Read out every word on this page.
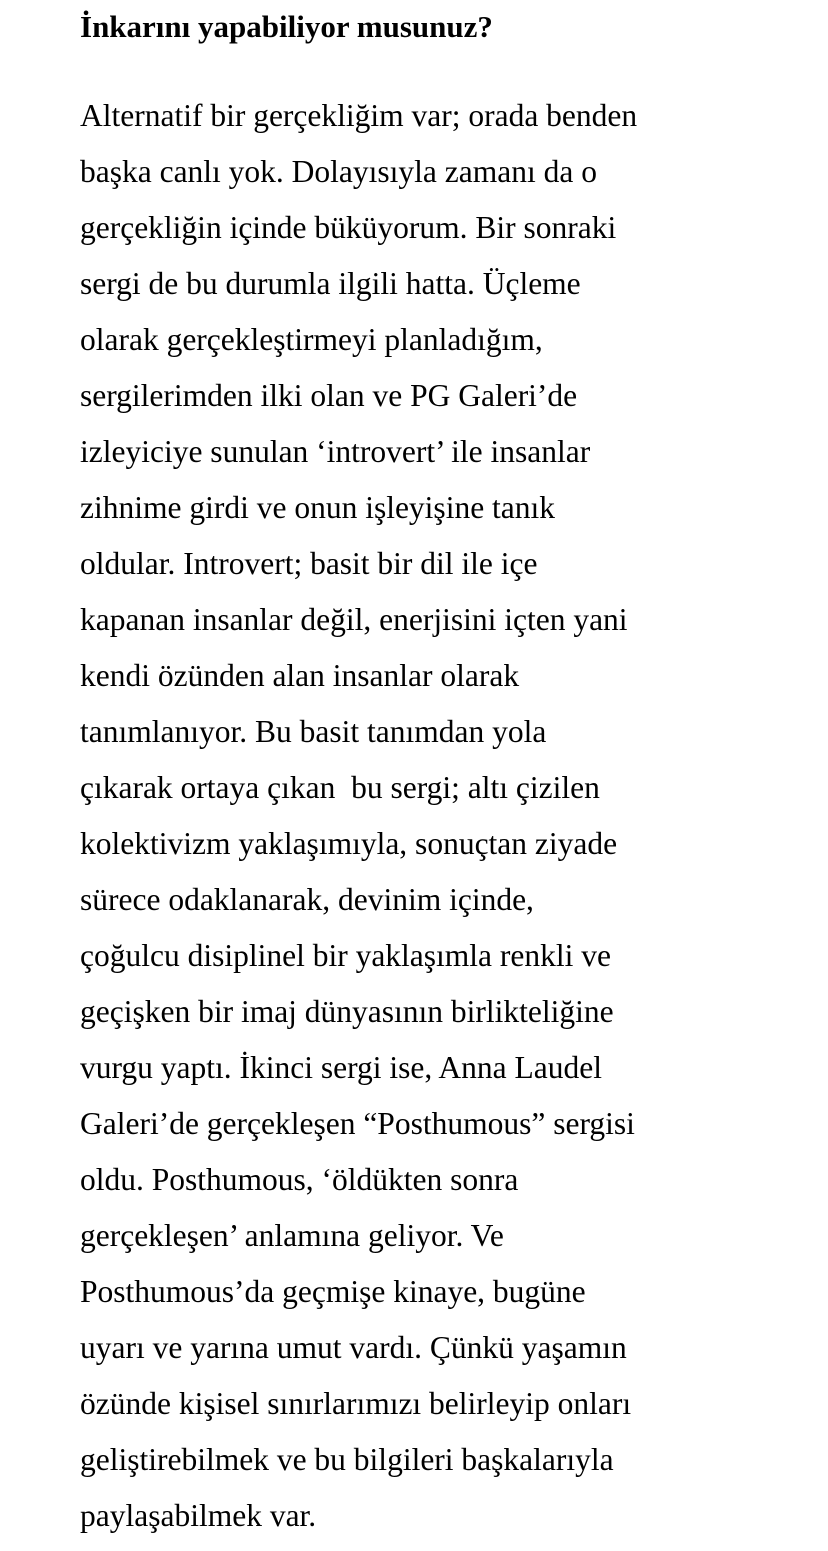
İnkarını yapabiliyor musunuz?

Alternatif bir gerçekliğim var; orada benden
başka canlı yok. Dolayısıyla zamanı da o
gerçekliğin içinde büküyorum. Bir sonraki
sergi de bu durumla ilgili hatta. Üçleme
olarak gerçekleştirmeyi planladığım,
sergilerimden ilki olan ve PG Galeri’de
izleyiciye sunulan ‘introvert’ ile insanlar
zihnime girdi ve onun işleyişine tanık
oldular. Introvert; basit bir dil ile içe
kapanan insanlar değil, enerjisini içten yani
kendi özünden alan insanlar olarak
tanımlanıyor. Bu basit tanımdan yola
çıkarak ortaya çıkan  bu sergi; altı çizilen
kolektivizm yaklaşımıyla, sonuçtan ziyade
sürece odaklanarak, devinim içinde,
çoğulcu disiplinel bir yaklaşımla renkli ve
geçişken bir imaj dünyasının birlikteliğine
vurgu yaptı. İkinci sergi ise, Anna Laudel
Galeri’de gerçekleşen “Posthumous” sergisi
oldu. Posthumous, ‘öldükten sonra
gerçekleşen’ anlamına geliyor. Ve
Posthumous’da geçmişe kinaye, bugüne
uyarı ve yarına umut vardı. Çünkü yaşamın
özünde kişisel sınırlarımızı belirleyip onları
geliştirebilmek ve bu bilgileri başkalarıyla
paylaşabilmek var.
